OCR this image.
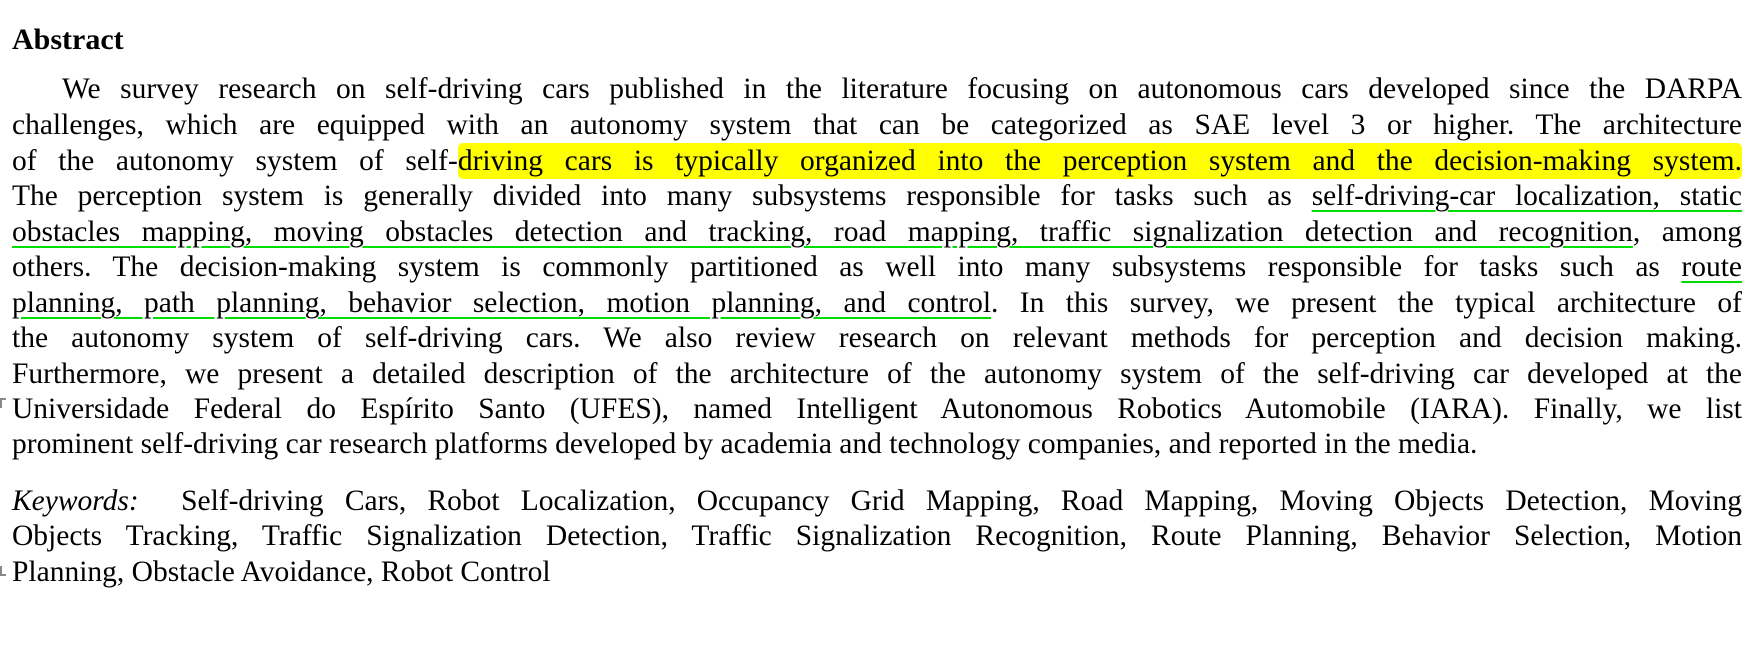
Abstract
We survey research on self-driving cars published in the literature focusing on autonomous cars developed since the DARPA
challenges, which are equipped with an autonomy system that can be categorized as SAE level 3 or higher. The architecture
of the autonomy system of self-driving cars is typically organized into the perception system and the decision-making system.
The perception system is generally divided into many subsystems responsible for tasks such as self-driving-car localization, static
obstacles mapping, moving obstacles detection and tracking, road mapping, traffic signalization detection and recognition, among
others. The decision-making system is commonly partitioned as well into many subsystems responsible for tasks such as route
planning, path planning, behavior selection, motion planning, and control. In this survey, we present the typical architecture of
the autonomy system of self-driving cars. We also review research on relevant methods for perception and decision making.
Furthermore, we present a detailed description of the architecture of the autonomy system of the self-driving car developed at the
Universidade Federal do Espírito Santo (UFES), named Intelligent Autonomous Robotics Automobile (IARA). Finally, we list
prominent self-driving car research platforms developed by academia and technology companies, and reported in the media.
Keywords: Self-driving Cars, Robot Localization, Occupancy Grid Mapping, Road Mapping, Moving Objects Detection, Moving
Objects Tracking, Traffic Signalization Detection, Traffic Signalization Recognition, Route Planning, Behavior Selection, Motion
Planning, Obstacle Avoidance, Robot Control
